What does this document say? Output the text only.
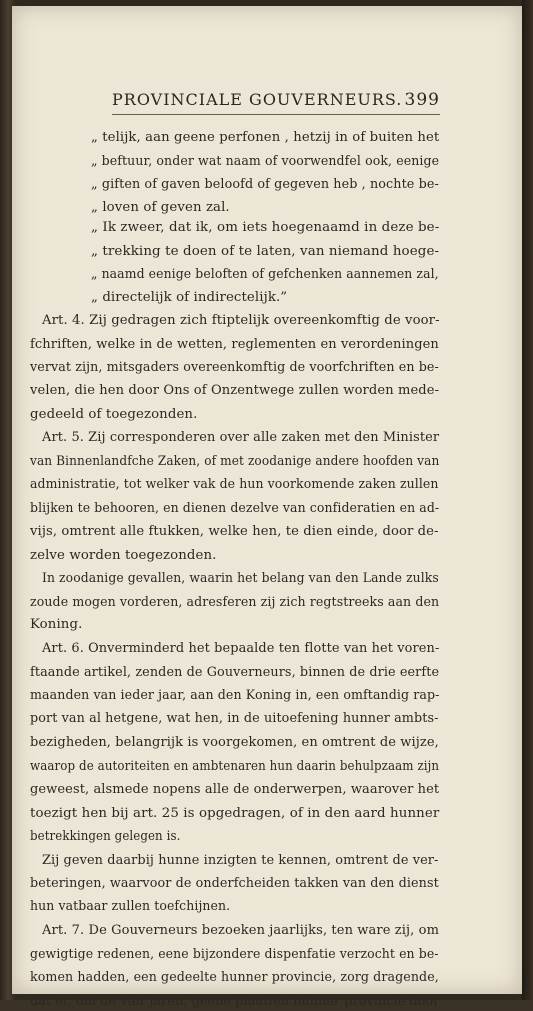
PROVINCIALE GOUVERNEURS. 399
„ telijk, aan geene perfonen , hetzij in of buiten het
„ beftuur, onder wat naam of voorwendfel ook, eenige
„ giften of gaven beloofd of gegeven heb , nochte be-
„ loven of geven zal.
„ Ik zweer, dat ik, om iets hoegenaamd in deze be-
„ trekking te doen of te laten, van niemand hoege-
„ naamd eenige beloften of gefchenken aannemen zal,
„ directelijk of indirectelijk.”
Art. 4. Zij gedragen zich ftiptelijk overeenkomftig de voor-
fchriften, welke in de wetten, reglementen en verordeningen
vervat zijn, mitsgaders overeenkomftig de voorfchriften en be-
velen, die hen door Ons of Onzentwege zullen worden mede-
gedeeld of toegezonden.
Art. 5. Zij corresponderen over alle zaken met den Minister
van Binnenlandfche Zaken, of met zoodanige andere hoofden van
administratie, tot welker vak de hun voorkomende zaken zullen
blijken te behooren, en dienen dezelve van confideratien en ad-
vijs, omtrent alle ftukken, welke hen, te dien einde, door de-
zelve worden toegezonden.
In zoodanige gevallen, waarin het belang van den Lande zulks
zoude mogen vorderen, adresferen zij zich regtstreeks aan den
Koning.
Art. 6. Onverminderd het bepaalde ten flotte van het voren-
ftaande artikel, zenden de Gouverneurs, binnen de drie eerfte
maanden van ieder jaar, aan den Koning in, een omftandig rap-
port van al hetgene, wat hen, in de uitoefening hunner ambts-
bezigheden, belangrijk is voorgekomen, en omtrent de wijze,
waarop de autoriteiten en ambtenaren hun daarin behulpzaam zijn
geweest, alsmede nopens alle de onderwerpen, waarover het
toezigt hen bij art. 25 is opgedragen, of in den aard hunner
betrekkingen gelegen is.
Zij geven daarbij hunne inzigten te kennen, omtrent de ver-
beteringen, waarvoor de onderfcheiden takken van den dienst
hun vatbaar zullen toefchijnen.
Art. 7. De Gouverneurs bezoeken jaarlijks, ten ware zij, om
gewigtige redenen, eene bijzondere dispenfatie verzocht en be-
komen hadden, een gedeelte hunner provincie, zorg dragende,
dat er, om de vier jaren, geene plaatfen hunner provincie door
